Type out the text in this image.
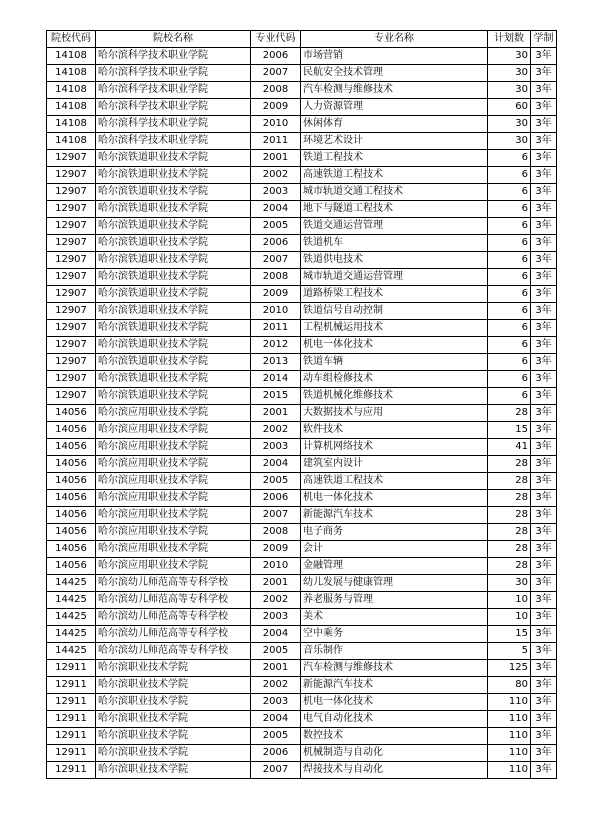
院校代码	院校名称	专业代码	专业名称	计划数	学制
14108	哈尔滨科学技术职业学院	2006	市场营销	30	3年
14108	哈尔滨科学技术职业学院	2007	民航安全技术管理	30	3年
14108	哈尔滨科学技术职业学院	2008	汽车检测与维修技术	30	3年
14108	哈尔滨科学技术职业学院	2009	人力资源管理	60	3年
14108	哈尔滨科学技术职业学院	2010	休闲体育	30	3年
14108	哈尔滨科学技术职业学院	2011	环境艺术设计	30	3年
12907	哈尔滨铁道职业技术学院	2001	铁道工程技术	6	3年
12907	哈尔滨铁道职业技术学院	2002	高速铁道工程技术	6	3年
12907	哈尔滨铁道职业技术学院	2003	城市轨道交通工程技术	6	3年
12907	哈尔滨铁道职业技术学院	2004	地下与隧道工程技术	6	3年
12907	哈尔滨铁道职业技术学院	2005	铁道交通运营管理	6	3年
12907	哈尔滨铁道职业技术学院	2006	铁道机车	6	3年
12907	哈尔滨铁道职业技术学院	2007	铁道供电技术	6	3年
12907	哈尔滨铁道职业技术学院	2008	城市轨道交通运营管理	6	3年
12907	哈尔滨铁道职业技术学院	2009	道路桥梁工程技术	6	3年
12907	哈尔滨铁道职业技术学院	2010	铁道信号自动控制	6	3年
12907	哈尔滨铁道职业技术学院	2011	工程机械运用技术	6	3年
12907	哈尔滨铁道职业技术学院	2012	机电一体化技术	6	3年
12907	哈尔滨铁道职业技术学院	2013	铁道车辆	6	3年
12907	哈尔滨铁道职业技术学院	2014	动车组检修技术	6	3年
12907	哈尔滨铁道职业技术学院	2015	铁道机械化维修技术	6	3年
14056	哈尔滨应用职业技术学院	2001	大数据技术与应用	28	3年
14056	哈尔滨应用职业技术学院	2002	软件技术	15	3年
14056	哈尔滨应用职业技术学院	2003	计算机网络技术	41	3年
14056	哈尔滨应用职业技术学院	2004	建筑室内设计	28	3年
14056	哈尔滨应用职业技术学院	2005	高速铁道工程技术	28	3年
14056	哈尔滨应用职业技术学院	2006	机电一体化技术	28	3年
14056	哈尔滨应用职业技术学院	2007	新能源汽车技术	28	3年
14056	哈尔滨应用职业技术学院	2008	电子商务	28	3年
14056	哈尔滨应用职业技术学院	2009	会计	28	3年
14056	哈尔滨应用职业技术学院	2010	金融管理	28	3年
14425	哈尔滨幼儿师范高等专科学校	2001	幼儿发展与健康管理	30	3年
14425	哈尔滨幼儿师范高等专科学校	2002	养老服务与管理	10	3年
14425	哈尔滨幼儿师范高等专科学校	2003	美术	10	3年
14425	哈尔滨幼儿师范高等专科学校	2004	空中乘务	15	3年
14425	哈尔滨幼儿师范高等专科学校	2005	音乐制作	5	3年
12911	哈尔滨职业技术学院	2001	汽车检测与维修技术	125	3年
12911	哈尔滨职业技术学院	2002	新能源汽车技术	80	3年
12911	哈尔滨职业技术学院	2003	机电一体化技术	110	3年
12911	哈尔滨职业技术学院	2004	电气自动化技术	110	3年
12911	哈尔滨职业技术学院	2005	数控技术	110	3年
12911	哈尔滨职业技术学院	2006	机械制造与自动化	110	3年
12911	哈尔滨职业技术学院	2007	焊接技术与自动化	110	3年
